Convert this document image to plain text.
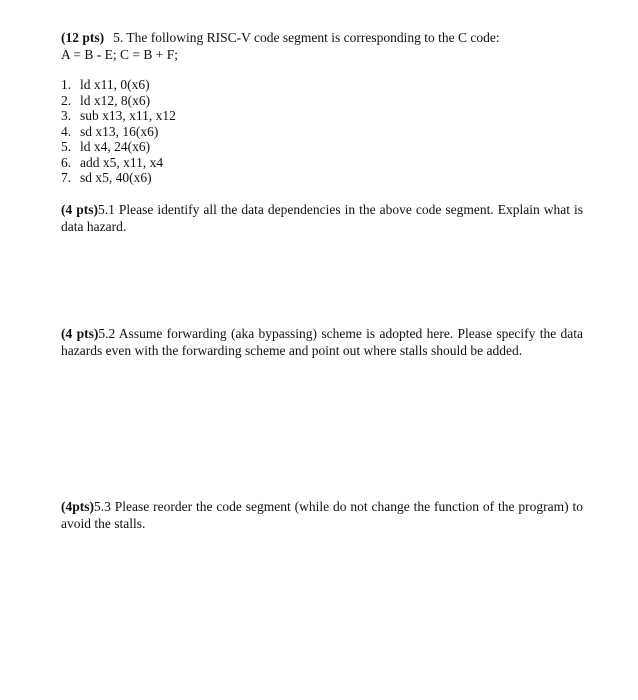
(12 pts) 5. The following RISC-V code segment is corresponding to the C code:
A = B - E; C = B + F;
1. ld x11, 0(x6)
2. ld x12, 8(x6)
3. sub x13, x11, x12
4. sd x13, 16(x6)
5. ld x4, 24(x6)
6. add x5, x11, x4
7. sd x5, 40(x6)
(4 pts)5.1 Please identify all the data dependencies in the above code segment. Explain what is data hazard.
(4 pts)5.2 Assume forwarding (aka bypassing) scheme is adopted here. Please specify the data hazards even with the forwarding scheme and point out where stalls should be added.
(4pts)5.3 Please reorder the code segment (while do not change the function of the program) to avoid the stalls.
